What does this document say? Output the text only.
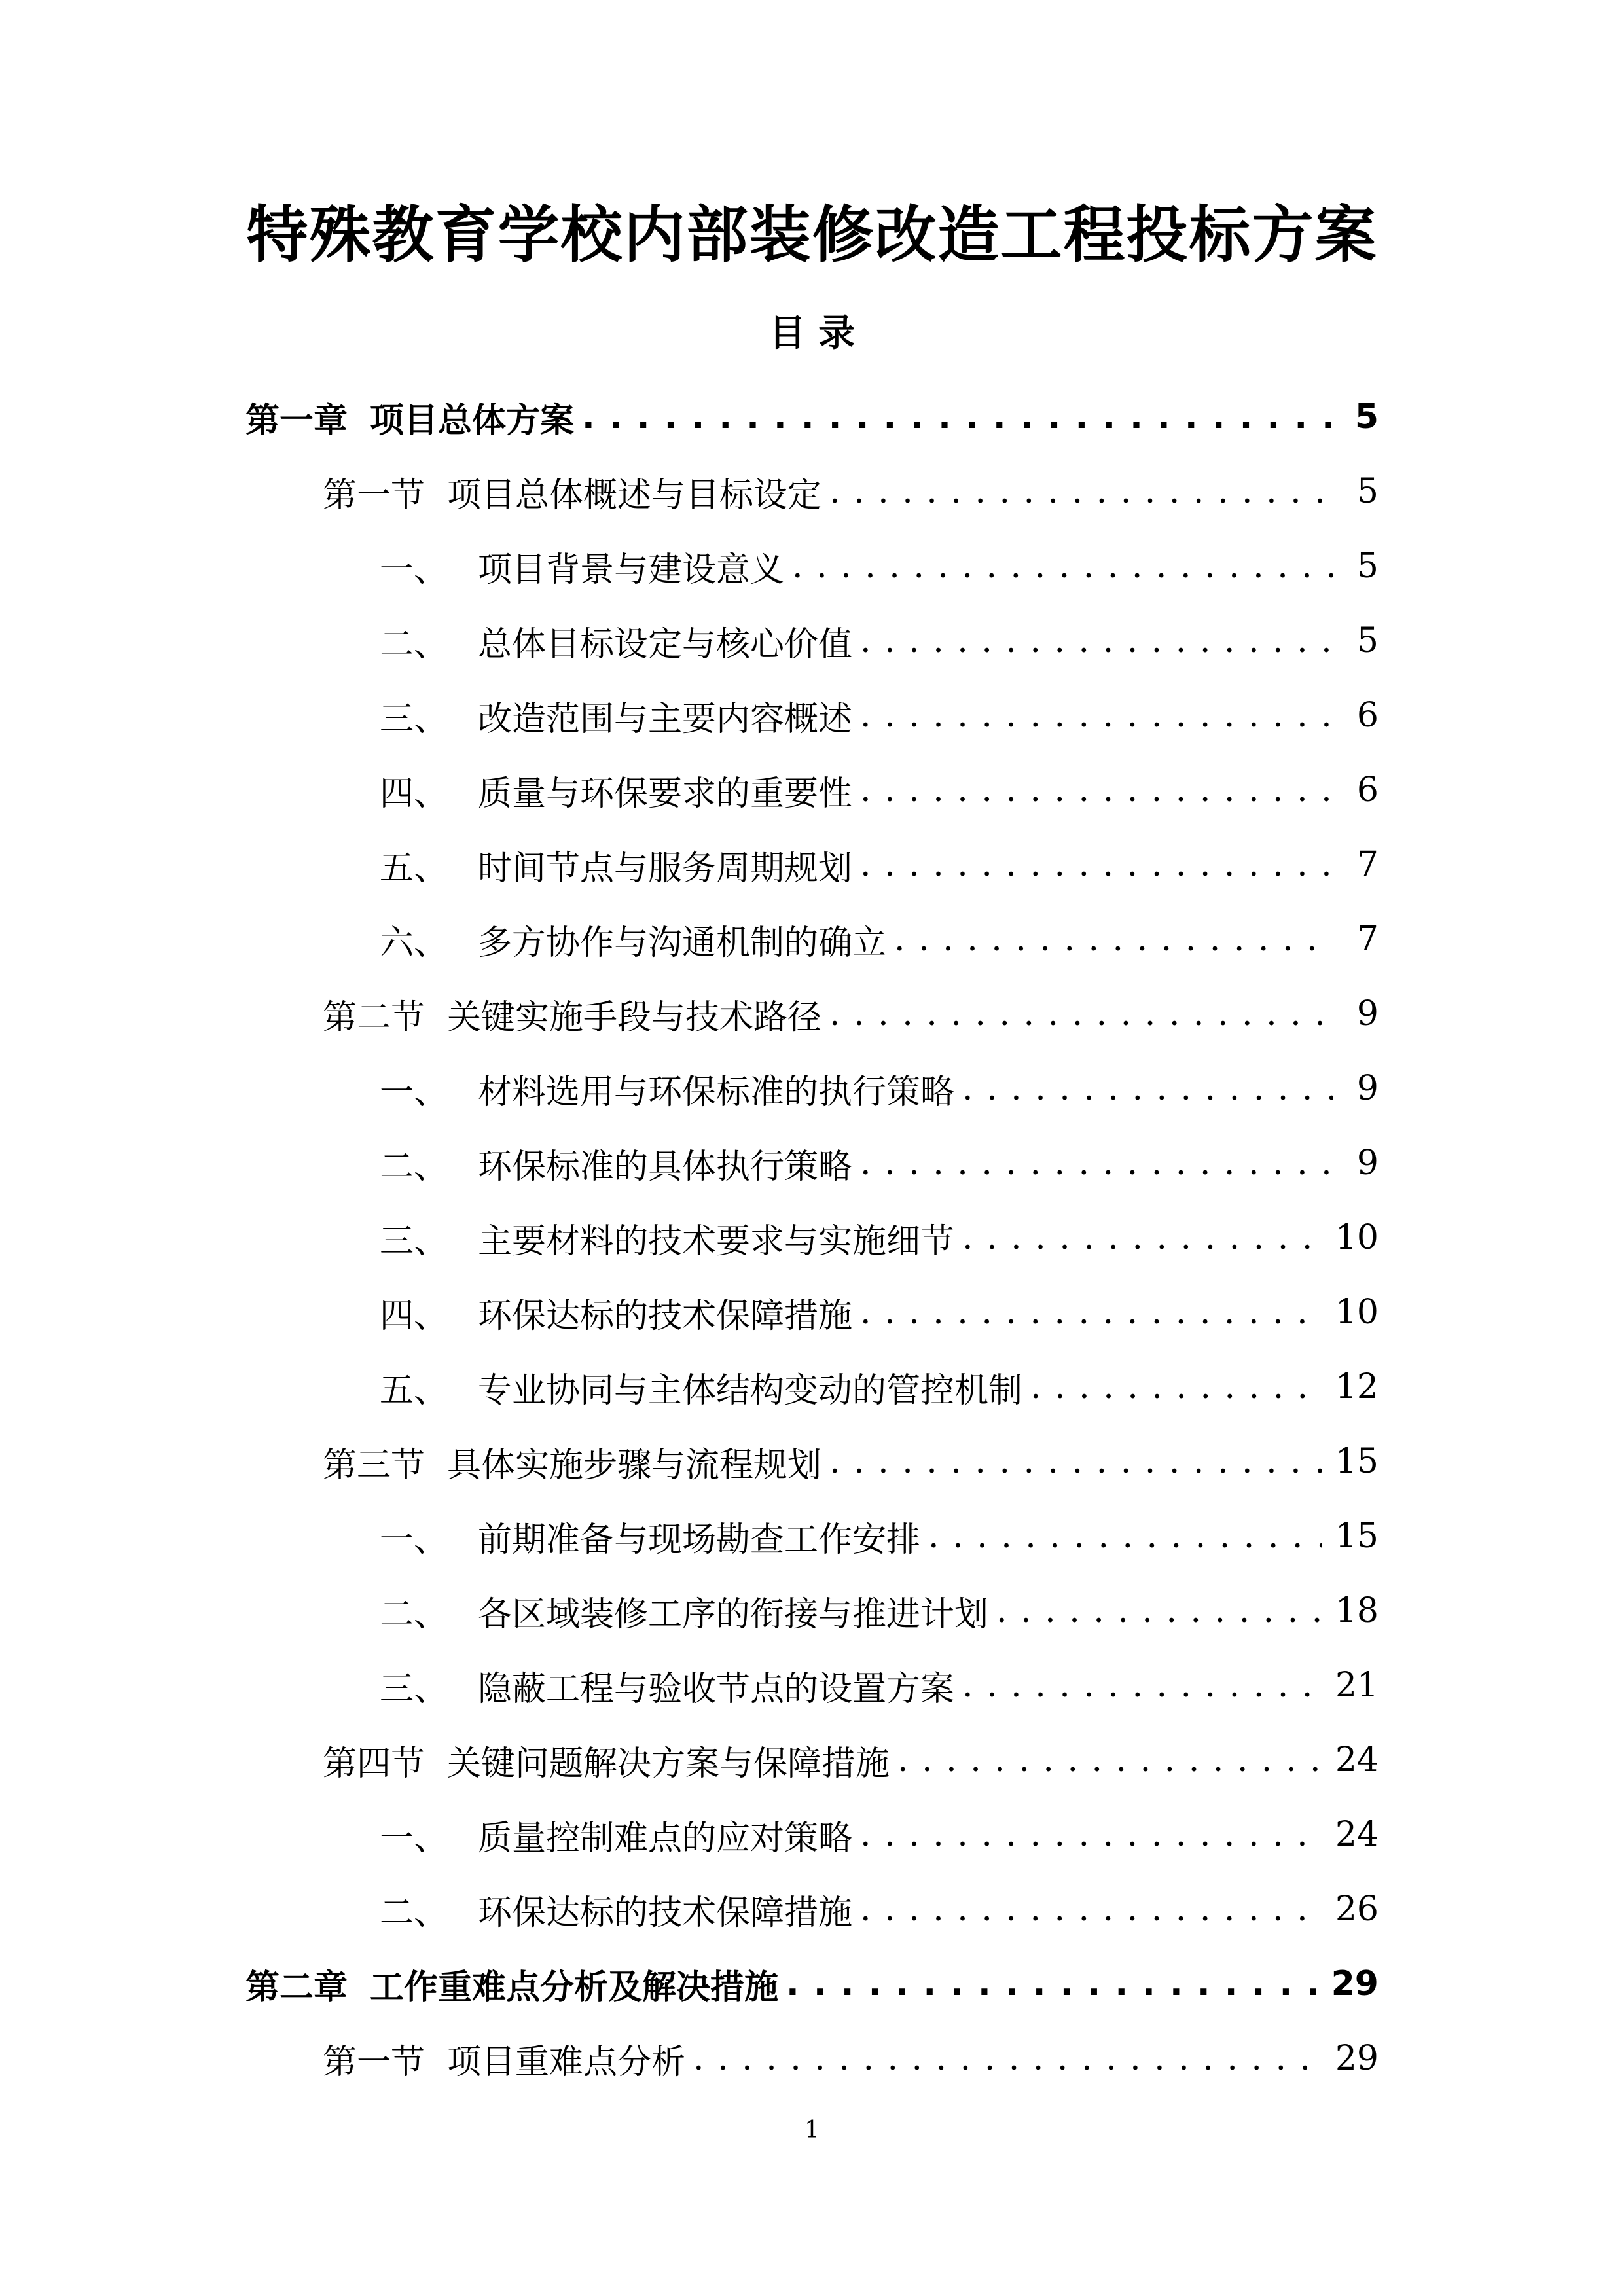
特殊教育学校内部装修改造工程投标方案
目 录
第一章 项目总体方案 . . .	5
第一节 项目总体概述与目标设定 . . .	5
一、 项目背景与建设意义 . . .	5
二、 总体目标设定与核心价值 . . .	5
三、 改造范围与主要内容概述 . . .	6
四、 质量与环保要求的重要性 . . .	6
五、 时间节点与服务周期规划 . . .	7
六、 多方协作与沟通机制的确立 . . .	7
第二节 关键实施手段与技术路径 . . .	9
一、 材料选用与环保标准的执行策略 . . .	9
二、 环保标准的具体执行策略 . . .	9
三、 主要材料的技术要求与实施细节 . . .	10
四、 环保达标的技术保障措施 . . .	10
五、 专业协同与主体结构变动的管控机制 . . .	12
第三节 具体实施步骤与流程规划 . . .	15
一、 前期准备与现场勘查工作安排 . . .	15
二、 各区域装修工序的衔接与推进计划 . . .	18
三、 隐蔽工程与验收节点的设置方案 . . .	21
第四节 关键问题解决方案与保障措施 . . .	24
一、 质量控制难点的应对策略 . . .	24
二、 环保达标的技术保障措施 . . .	26
第二章 工作重难点分析及解决措施 . . .	29
第一节 项目重难点分析 . . .	29
1
